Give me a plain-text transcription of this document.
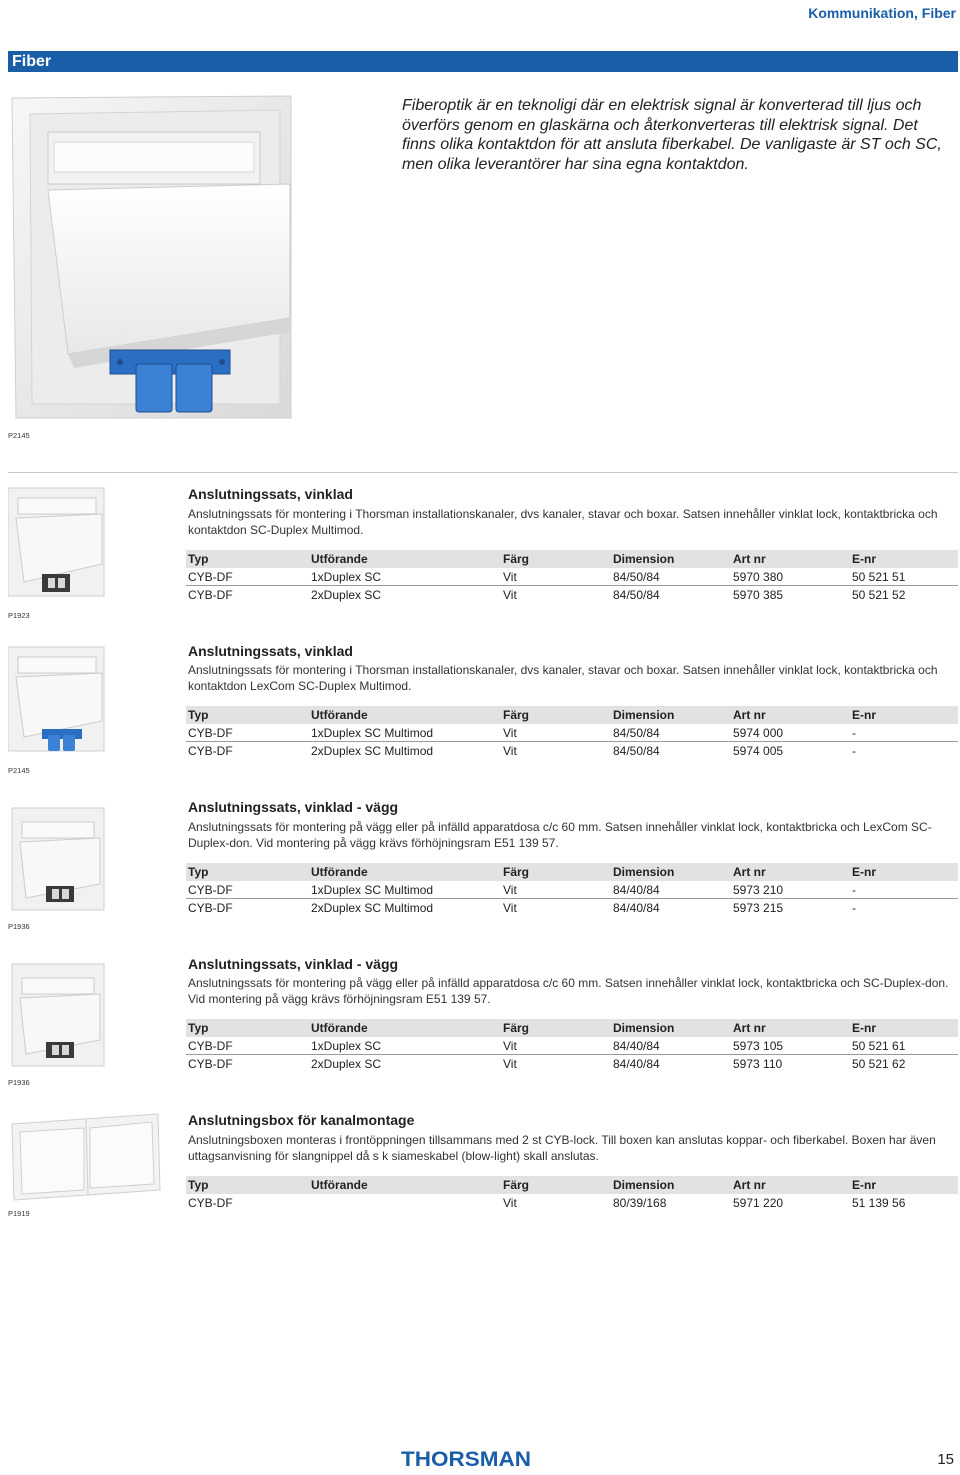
Kommunikation, Fiber
Fiber

Fiberoptik är en teknoligi där en elektrisk signal är konverterad till ljus och överförs genom en glaskärna och återkonverteras till elektrisk signal. Det finns olika kontaktdon för att ansluta fiberkabel. De vanligaste är ST och SC, men olika leverantörer har sina egna kontaktdon.

P2145
Anslutningssats, vinklad

Anslutningssats för montering i Thorsman installationskanaler, dvs kanaler, stavar och boxar. Satsen innehåller vinklat lock, kontaktbricka och kontaktdon SC-Duplex Multimod.

Typ	Utförande	Färg	Dimension	Art nr	E-nr
CYB-DF	1xDuplex SC	Vit	84/50/84	5970 380	50 521 51
CYB-DF	2xDuplex SC	Vit	84/50/84	5970 385	50 521 52
P1923
Anslutningssats, vinklad

Anslutningssats för montering i Thorsman installationskanaler, dvs kanaler, stavar och boxar. Satsen innehåller vinklat lock, kontaktbricka och kontaktdon LexCom SC-Duplex Multimod.

Typ	Utförande	Färg	Dimension	Art nr	E-nr
CYB-DF	1xDuplex SC Multimod	Vit	84/50/84	5974 000	-
CYB-DF	2xDuplex SC Multimod	Vit	84/50/84	5974 005	-
P2145
Anslutningssats, vinklad - vägg

Anslutningssats för montering på vägg eller på infälld apparatdosa c/c 60 mm. Satsen innehåller vinklat lock, kontaktbricka och LexCom SC-Duplex-don. Vid montering på vägg krävs förhöjningsram E51 139 57.

Typ	Utförande	Färg	Dimension	Art nr	E-nr
CYB-DF	1xDuplex SC Multimod	Vit	84/40/84	5973 210	-
CYB-DF	2xDuplex SC Multimod	Vit	84/40/84	5973 215	-
P1936
Anslutningssats, vinklad - vägg

Anslutningssats för montering på vägg eller på infälld apparatdosa c/c 60 mm. Satsen innehåller vinklat lock, kontaktbricka och SC-Duplex-don. Vid montering på vägg krävs förhöjningsram E51 139 57.

Typ	Utförande	Färg	Dimension	Art nr	E-nr
CYB-DF	1xDuplex SC	Vit	84/40/84	5973 105	50 521 61
CYB-DF	2xDuplex SC	Vit	84/40/84	5973 110	50 521 62
P1936
Anslutningsbox för kanalmontage

Anslutningsboxen monteras i frontöppningen tillsammans med 2 st CYB-lock. Till boxen kan anslutas koppar- och fiberkabel. Boxen har även uttagsanvisning för slangnippel då s k siameskabel (blow-light) skall anslutas.

Typ	Utförande	Färg	Dimension	Art nr	E-nr
CYB-DF		Vit	80/39/168	5971 220	51 139 56
P1919
THORSMAN	15
